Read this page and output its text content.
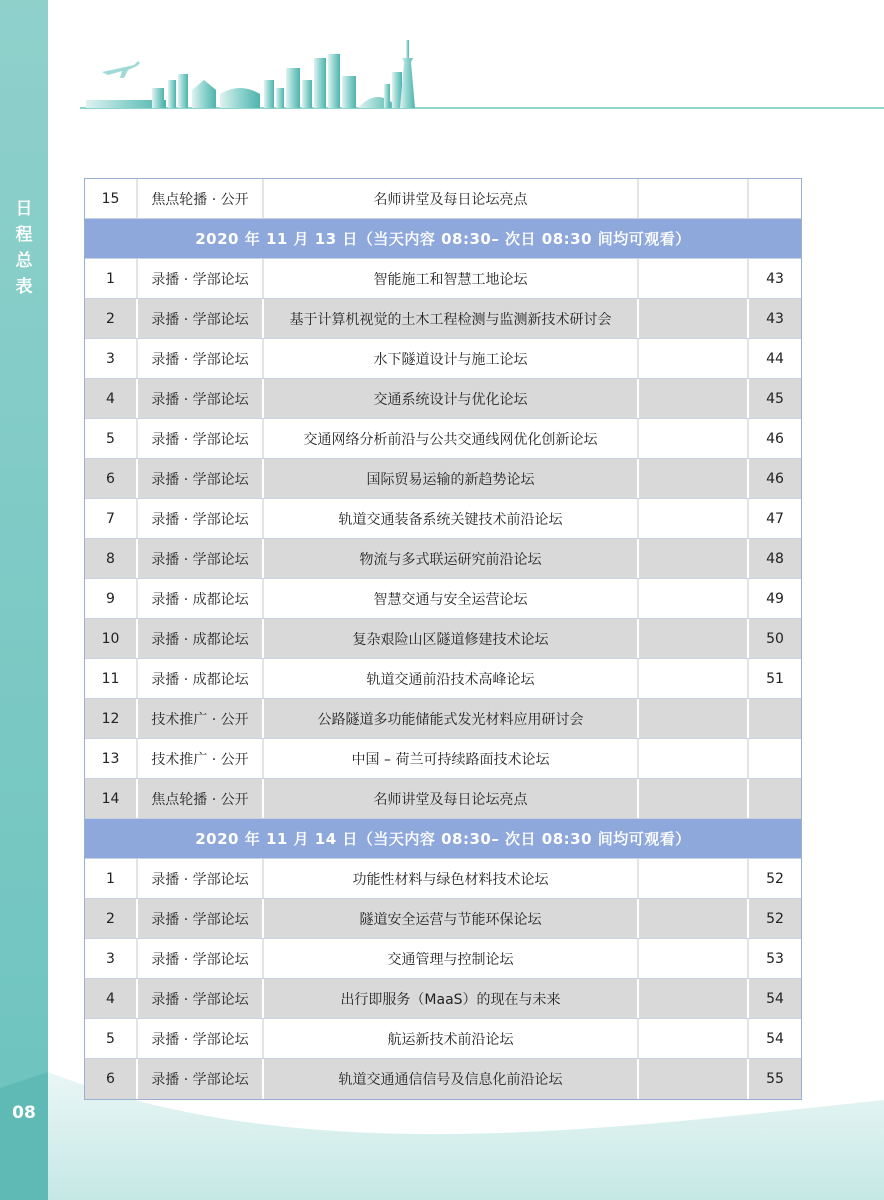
日
程
总
表
08
15	焦点轮播 · 公开	名师讲堂及每日论坛亮点
2020 年 11 月 13 日（当天内容 08:30– 次日 08:30 间均可观看）
1	录播 · 学部论坛	智能施工和智慧工地论坛	43
2	录播 · 学部论坛	基于计算机视觉的土木工程检测与监测新技术研讨会	43
3	录播 · 学部论坛	水下隧道设计与施工论坛	44
4	录播 · 学部论坛	交通系统设计与优化论坛	45
5	录播 · 学部论坛	交通网络分析前沿与公共交通线网优化创新论坛	46
6	录播 · 学部论坛	国际贸易运输的新趋势论坛	46
7	录播 · 学部论坛	轨道交通装备系统关键技术前沿论坛	47
8	录播 · 学部论坛	物流与多式联运研究前沿论坛	48
9	录播 · 成都论坛	智慧交通与安全运营论坛	49
10	录播 · 成都论坛	复杂艰险山区隧道修建技术论坛	50
11	录播 · 成都论坛	轨道交通前沿技术高峰论坛	51
12	技术推广 · 公开	公路隧道多功能储能式发光材料应用研讨会
13	技术推广 · 公开	中国 – 荷兰可持续路面技术论坛
14	焦点轮播 · 公开	名师讲堂及每日论坛亮点
2020 年 11 月 14 日（当天内容 08:30– 次日 08:30 间均可观看）
1	录播 · 学部论坛	功能性材料与绿色材料技术论坛	52
2	录播 · 学部论坛	隧道安全运营与节能环保论坛	52
3	录播 · 学部论坛	交通管理与控制论坛	53
4	录播 · 学部论坛	出行即服务（MaaS）的现在与未来	54
5	录播 · 学部论坛	航运新技术前沿论坛	54
6	录播 · 学部论坛	轨道交通通信信号及信息化前沿论坛	55
